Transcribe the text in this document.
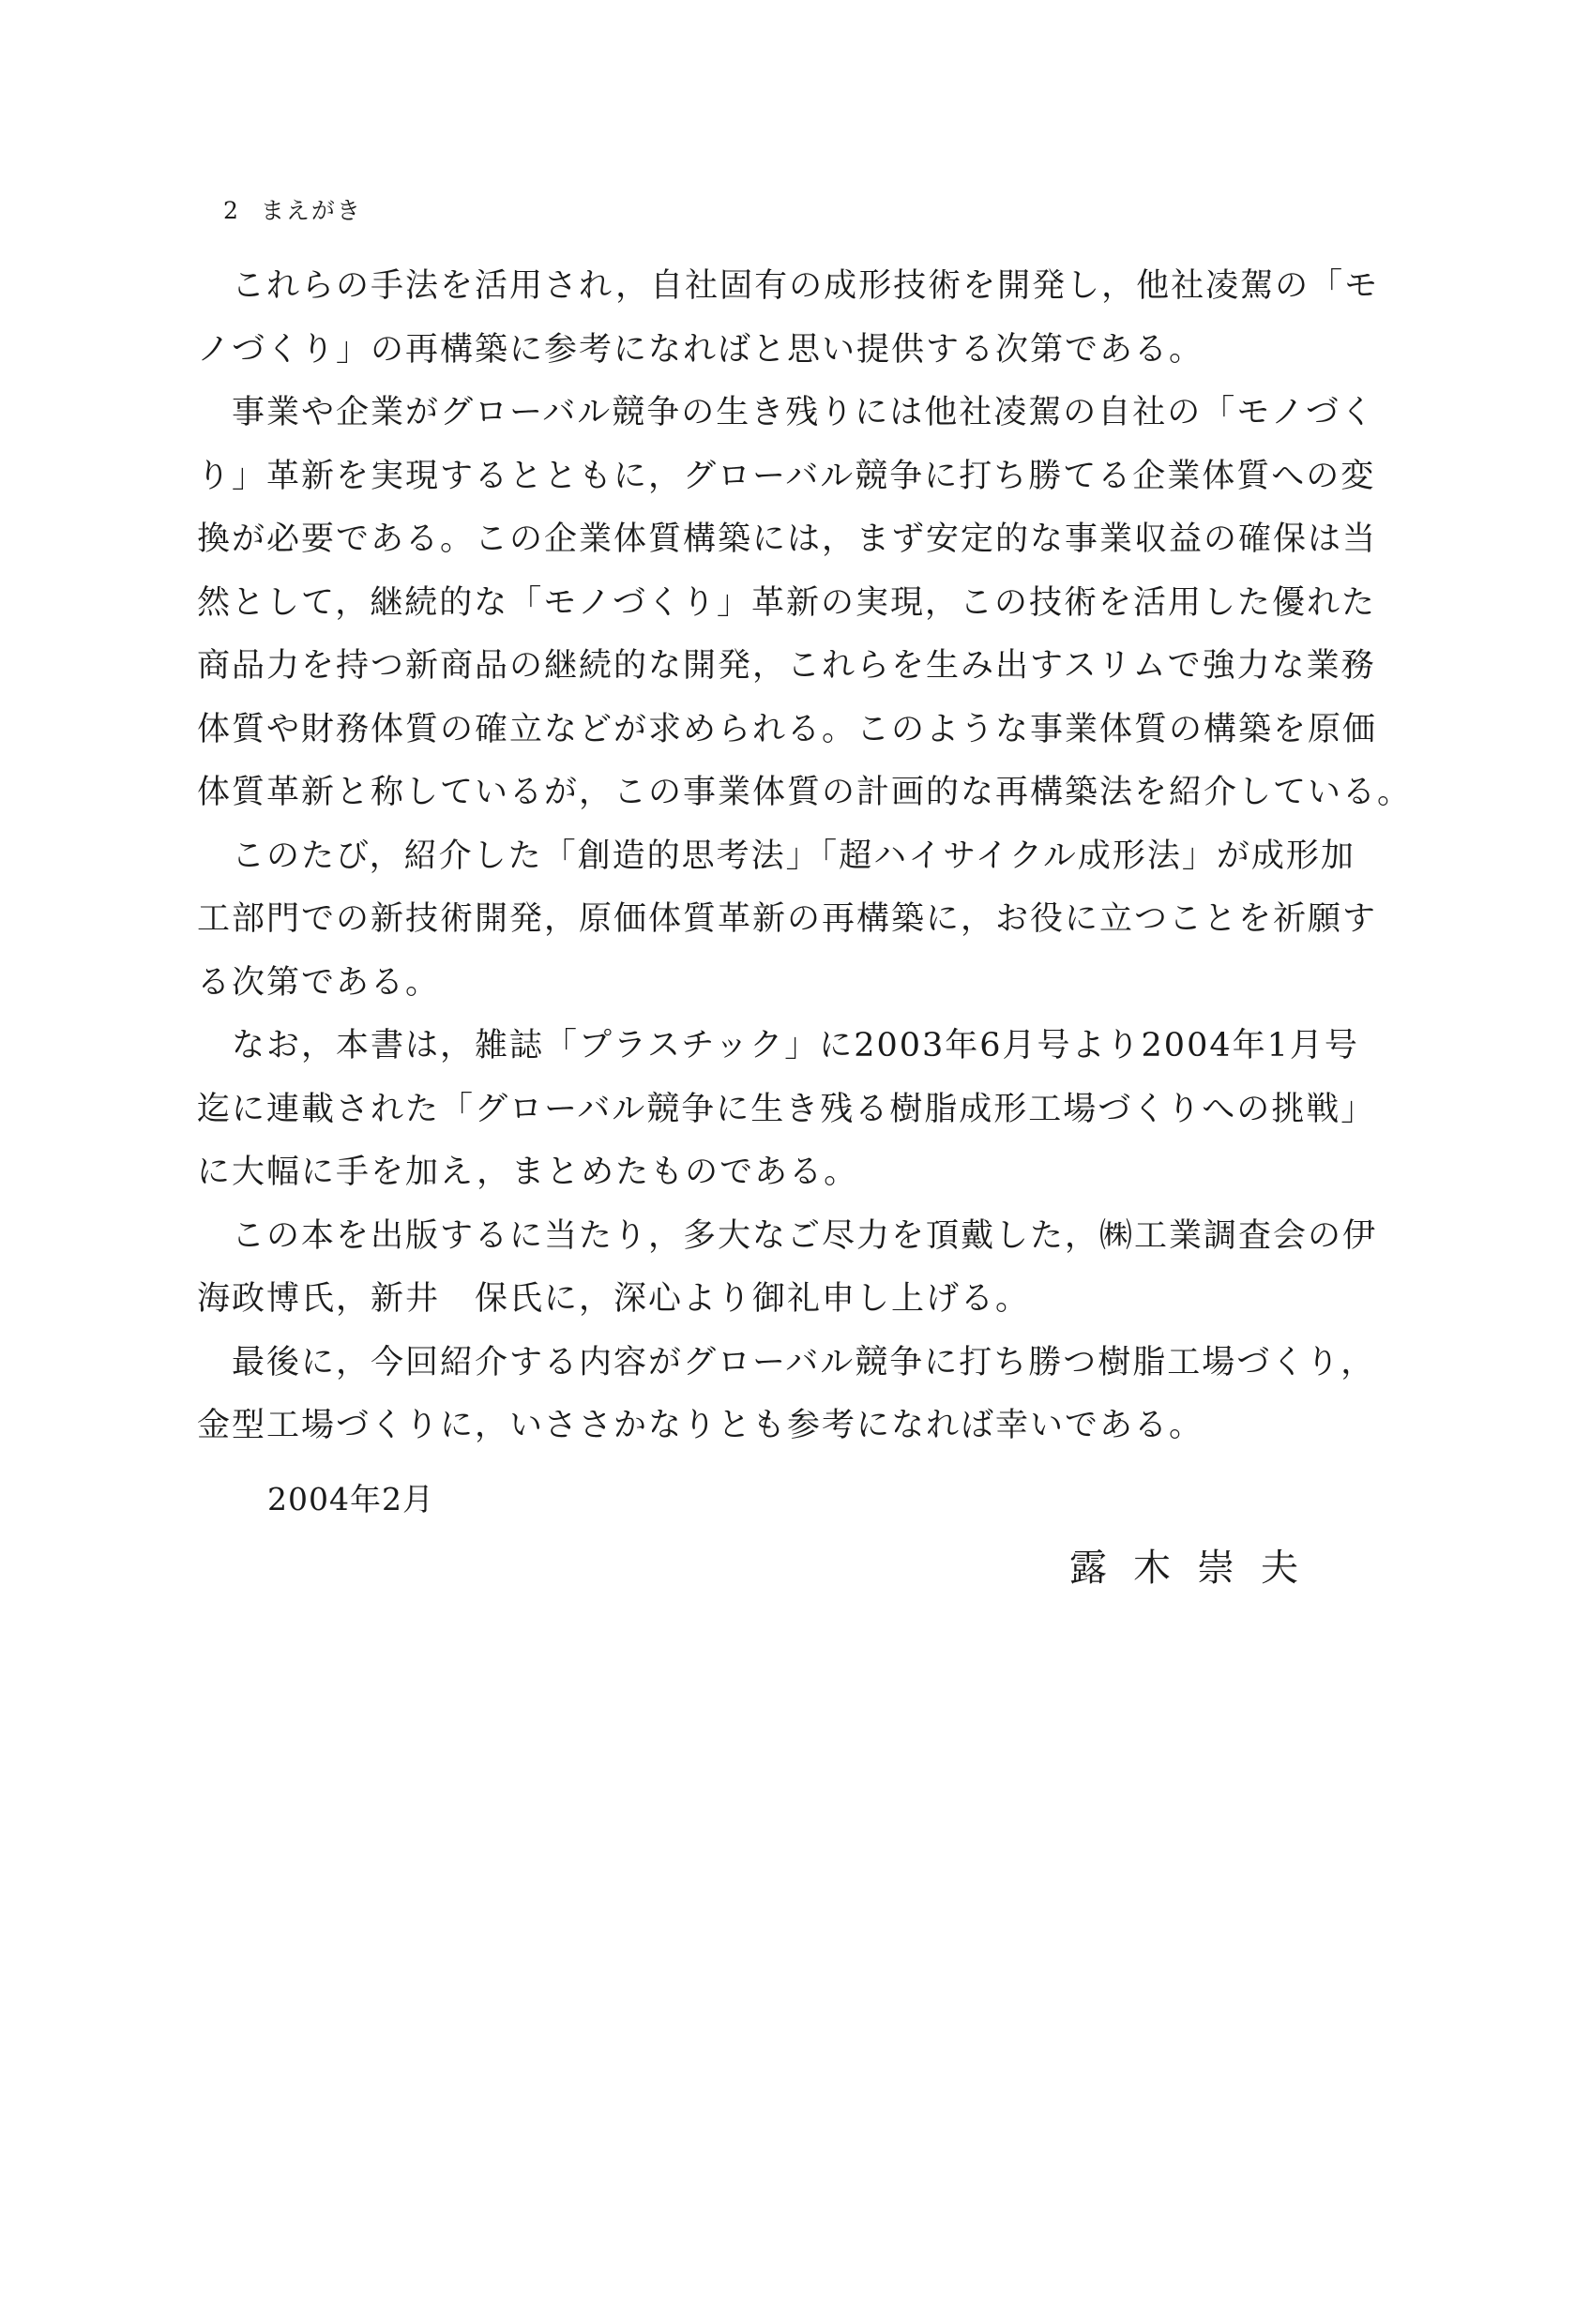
2 まえがき
　これらの手法を活用され，自社固有の成形技術を開発し，他社凌駕の「モ
ノづくり」の再構築に参考になればと思い提供する次第である。
　事業や企業がグローバル競争の生き残りには他社凌駕の自社の「モノづく
り」革新を実現するとともに，グローバル競争に打ち勝てる企業体質への変
換が必要である。この企業体質構築には，まず安定的な事業収益の確保は当
然として，継続的な「モノづくり」革新の実現，この技術を活用した優れた
商品力を持つ新商品の継続的な開発，これらを生み出すスリムで強力な業務
体質や財務体質の確立などが求められる。このような事業体質の構築を原価
体質革新と称しているが，この事業体質の計画的な再構築法を紹介している。
　このたび，紹介した「創造的思考法」「超ハイサイクル成形法」が成形加
工部門での新技術開発，原価体質革新の再構築に，お役に立つことを祈願す
る次第である。
　なお，本書は，雑誌「プラスチック」に2003年6月号より2004年1月号
迄に連載された「グローバル競争に生き残る樹脂成形工場づくりへの挑戦」
に大幅に手を加え，まとめたものである。
　この本を出版するに当たり，多大なご尽力を頂戴した，㈱工業調査会の伊
海政博氏，新井　保氏に，深心より御礼申し上げる。
　最後に，今回紹介する内容がグローバル競争に打ち勝つ樹脂工場づくり，
金型工場づくりに，いささかなりとも参考になれば幸いである。
2004年2月
露木崇夫
